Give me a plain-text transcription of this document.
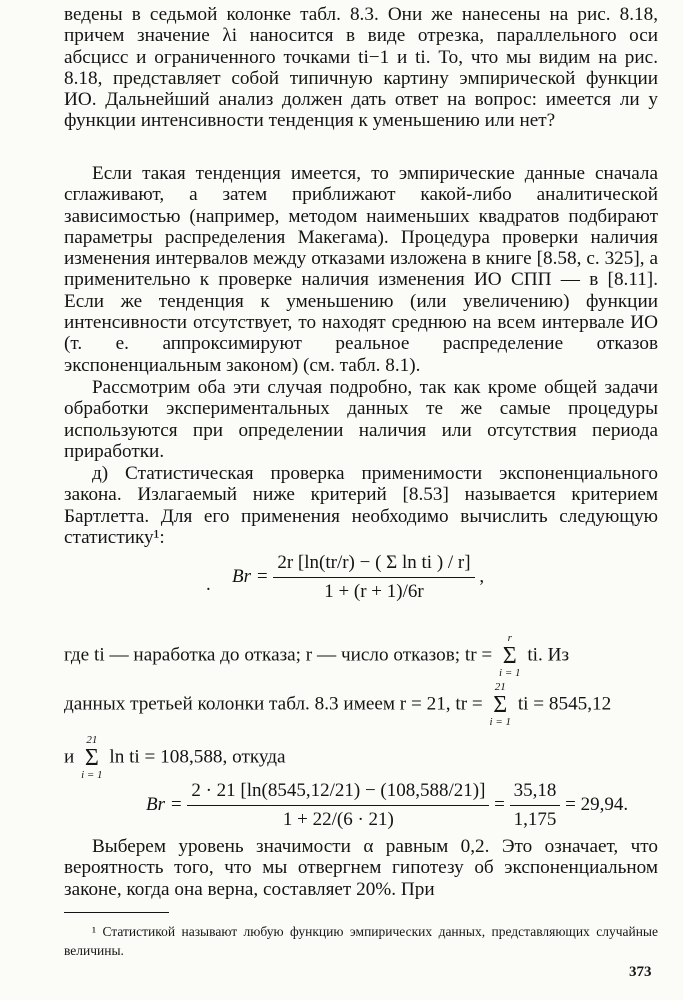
ведены в седьмой колонке табл. 8.3. Они же нанесены на рис. 8.18, причем значение λi наносится в виде отрезка, параллельного оси абсцисс и ограниченного точками ti−1 и ti. То, что мы видим на рис. 8.18, представляет собой типичную картину эмпирической функции ИО. Дальнейший анализ должен дать ответ на вопрос: имеется ли у функции интенсивности тенденция к уменьшению или нет?

Если такая тенденция имеется, то эмпирические данные сначала сглаживают, а затем приближают какой-либо аналитической зависимостью (например, методом наименьших квадратов подбирают параметры распределения Макегама). Процедура проверки наличия изменения интервалов между отказами изложена в книге [8.58, с. 325], а применительно к проверке наличия изменения ИО СПП — в [8.11]. Если же тенденция к уменьшению (или увеличению) функции интенсивности отсутствует, то находят среднюю на всем интервале ИО (т. е. аппроксимируют реальное распределение отказов экспоненциальным законом) (см. табл. 8.1).

Рассмотрим оба эти случая подробно, так как кроме общей задачи обработки экспериментальных данных те же самые процедуры используются при определении наличия или отсутствия периода приработки.

д) Статистическая проверка применимости экспоненциального закона. Излагаемый ниже критерий [8.53] называется критерием Бартлетта. Для его применения необходимо вычислить следующую статистику¹:

. Br =
2r [ln(tr/r) − ( Σ ln ti ) / r]
1 + (r + 1)/6r
,
где ti — наработка до отказа; r — число отказов; tr =
r
Σ
i = 1
ti. Из
данных третьей колонки табл. 8.3 имеем r = 21, tr =
21
Σ
i = 1
ti = 8545,12
и
21
Σ
i = 1
ln ti = 108,588, откуда
$Br = \frac{2 \cdot 21 [\ln(8545,12/21) - (108,588/21)]}{1 + 22/(6 \cdot 21)} = \frac{35,18}{1,175} = 29,94$.

Выберем уровень значимости α равным 0,2. Это означает, что вероятность того, что мы отвергнем гипотезу об экспоненциальном законе, когда она верна, составляет 20%. При

¹ Статистикой называют любую функцию эмпирических данных, представляющих случайные величины.
373
